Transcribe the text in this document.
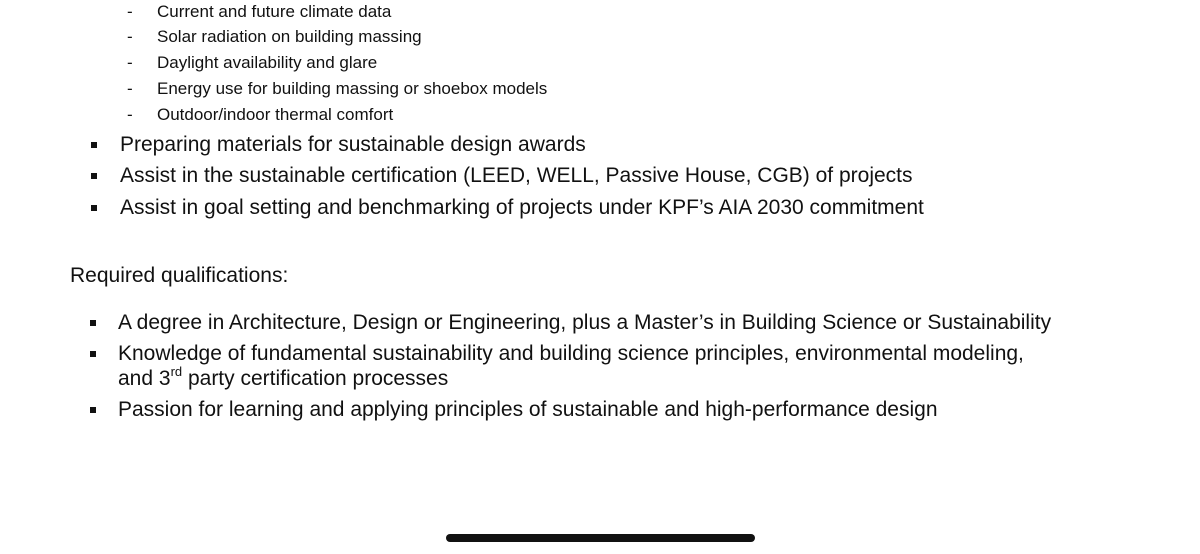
- Current and future climate data
- Solar radiation on building massing
- Daylight availability and glare
- Energy use for building massing or shoebox models
- Outdoor/indoor thermal comfort
Preparing materials for sustainable design awards
Assist in the sustainable certification (LEED, WELL, Passive House, CGB) of projects
Assist in goal setting and benchmarking of projects under KPF’s AIA 2030 commitment
Required qualifications:
A degree in Architecture, Design or Engineering, plus a Master’s in Building Science or Sustainability
Knowledge of fundamental sustainability and building science principles, environmental modeling,
and 3rd party certification processes
Passion for learning and applying principles of sustainable and high-performance design
